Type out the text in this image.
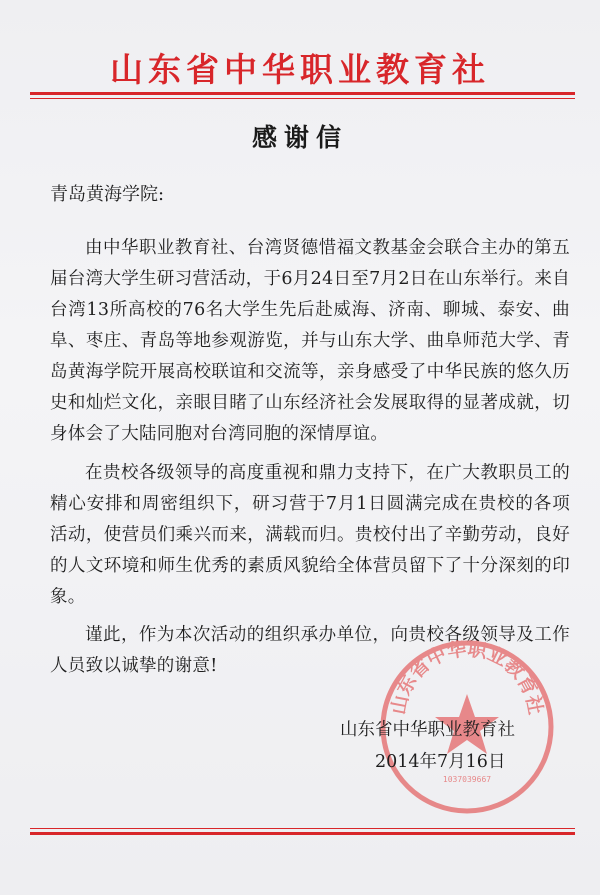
山东省中华职业教育社
感谢信
青岛黄海学院:

由中华职业教育社、台湾贤德惜福文教基金会联合主办的第五届台湾大学生研习营活动，于6月24日至7月2日在山东举行。来自台湾13所高校的76名大学生先后赴威海、济南、聊城、泰安、曲阜、枣庄、青岛等地参观游览，并与山东大学、曲阜师范大学、青岛黄海学院开展高校联谊和交流等，亲身感受了中华民族的悠久历史和灿烂文化，亲眼目睹了山东经济社会发展取得的显著成就，切身体会了大陆同胞对台湾同胞的深情厚谊。

在贵校各级领导的高度重视和鼎力支持下，在广大教职员工的精心安排和周密组织下，研习营于7月1日圆满完成在贵校的各项活动，使营员们乘兴而来，满载而归。贵校付出了辛勤劳动，良好的人文环境和师生优秀的素质风貌给全体营员留下了十分深刻的印象。

谨此，作为本次活动的组织承办单位，向贵校各级领导及工作人员致以诚挚的谢意!

山东省中华职业教育社
1037039667
山东省中华职业教育社
2014年7月16日
